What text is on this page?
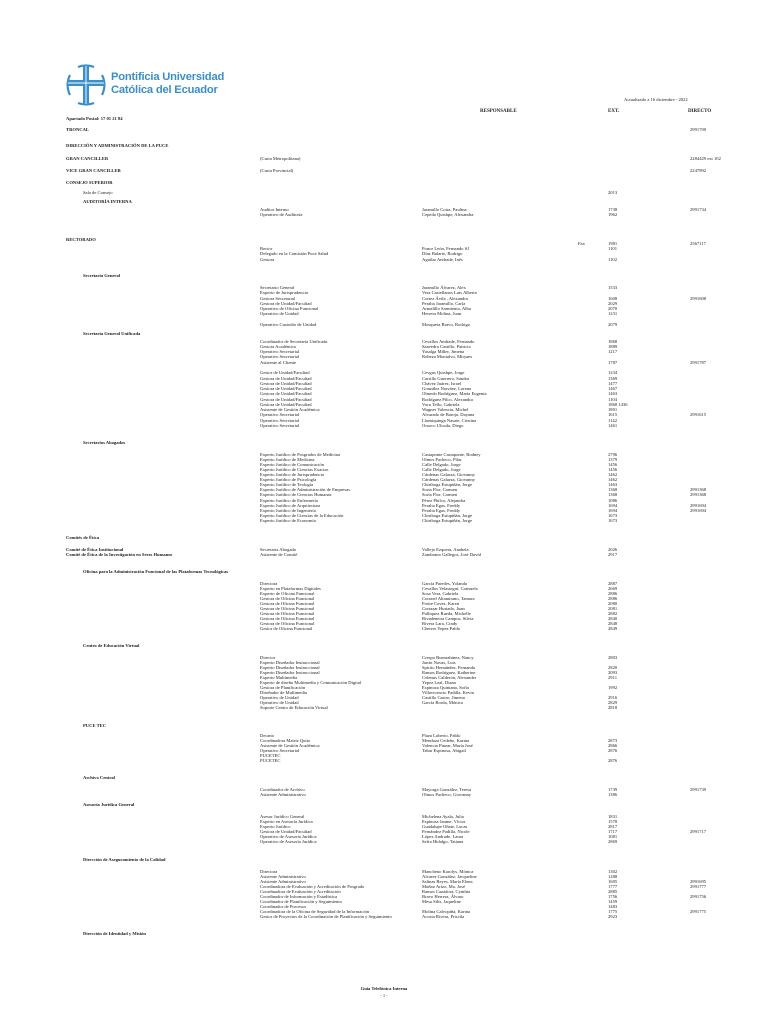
Pontificia Universidad
Católica del Ecuador
Actualizado a 16 diciembre - 2022
RESPONSABLE	EXT.	DIRECTO
Apartado Postal: 17 01 21 84
TRONCAL	2991700
DIRECCIÓN Y ADMINISTRACIÓN DE LA PUCE
GRAN CANCILLER	(Curia Metropolitana)	2284429 ext 102
VICE GRAN CANCILLER	(Curia Provincial)	2247892
CONSEJO SUPERIOR
Sala de Consejo	2013
AUDITORÍA INTERNA
Auditor Interno	Jaramillo Coira, Paulina	1738	2991734
Operativo de Auditoría	Cepeda Quishpe, Alexandra	1962
RECTORADO
Fax	1981	2567117
Rector	Ponce León, Fernando SJ	1101
Delegado en la Comisión Puce Salud	Díaz Balarte, Rodrigo
Gestora	Aguilar Andrade, Inés	1102
Secretaría General
Secretario General	Jaramillo Álvarez, Alex	1533
Experto de Jurisprudencia	Vera Castellanos Luis Alberto
Gestora Secretarial	Cortez Ávila , Alexandra	1608	2991608
Gestora de Unidad/Facultad	Peralta Jaramillo, Carla	2029
Operativo de Oficina Funcional	Armalillo Sarmiento, Alba	2070
Operativo de Unidad	Herrera Molina, Juan	1231
Operativo Custodio de Unidad	Mosquera Bravo, Rodrigo	2079
Secretaría General Unificada
Coordinador de Secretaría Unificada	Cevallos Andrade, Fernando	1868
Gestora Académica	Saavedra Castillo, Patricio	1889
Operativo Secretarial	Yasalga Miller, Jimena	1217
Operativo Secretarial	Robeza Montalvo, Miryam
Asistente al Cliente	1787	2991787
Gestor de Unidad/Facultad	Cevgus Quishpe, Jorge	1234
Gestora de Unidad/Facultad	Carrillo Guerrero, Sandra	1369
Gestora de Unidad/Facultad	Chávez Juárez, Israel	1477
Gestora de Unidad/Facultad	González Narváez, Lorena	1467
Gestora de Unidad/Facultad	Olmedo Rodríguez, María Eugenia	1463
Gestora de Unidad/Facultad	Rodríguez Pilco, Alexandra	1104
Gestora de Unidad/Facultad	Vaca Tello, Gabriela	1868 1436
Asistente de Gestión Académica	Wagner Valencia, Michel	1801
Operativo Secretarial	Alvarado de Baroja, Dayana	1615	2991615
Operativo Secretarial	Llumiquinga Nasate, Cristina	1142
Operativo Secretarial	Orozco Ulcuda, Diego	1461
Secretarios Abogados
Experto Jurídico de Posgrados de Medicina	Castaponte Castaponte, Rodney	2796
Experto Jurídico de Medicina	Olmos Pacheco, Pilar	1379
Experto Jurídico de Comunicación	Calle Delgado, Jorge	1456
Experto Jurídico de Ciencias Exactas	Calle Delgado, Jorge	1456
Experto Jurídico de Jurisprudencia	Cárdenas Galarza, Giovanny	1462
Experto Jurídico de Psicología	Cárdenas Galarza, Giovanny	1462
Experto Jurídico de Teología	Chiriboga Estupiñán, Jorge	1463
Experto Jurídico de Administración de Empresas	Soria Flor, Carmen	1368	2991368
Experto Jurídico de Ciencias Humanas	Soria Flor, Carmen	1368	2991368
Experto Jurídico de Enfermería	Pérez Philco, Alejandra	1086
Experto Jurídico de Arquitectura	Peralta Egas, Freddy	1694	2991694
Experto Jurídico de Ingeniería	Peralta Egas, Freddy	1694	2991694
Experto Jurídico de Ciencias de la Educación	Chiriboga Estupiñán, Jorge	1673
Experto Jurídico de Economía	Chiriboga Estupiñán, Jorge	1673
Comités de Ética
Comité de Ética Institucional	Secretaria Abogada	Vallejo Ezquera, Anabela	2026
Comité de Ética de la Investigación en Seres Humanos	Asistente de Comité	Zambrano Gallegos, José David	2917
Oficina para la Administración Funcional de las Plataformas Tecnológicas
Directora	García Paredes, Yolanda	2887
Experto en Plataformas Digitales	Cevallos Velasteguí, Consuelo	2669
Experto de Oficina Funcional	Sosa Vera, Gabriela	2886
Gestora de Oficina Funcional	Coronel Altamirano, Tamara	2886
Gestora de Oficina Funcional	Freire Cavez, Karen	2080
Gestora de Oficina Funcional	Cortazar Hurtado, Juan	2081
Gestora de Oficina Funcional	Pulliquez Rueda, Michelle	2882
Gestora de Oficina Funcional	Rivadeneira Campos, Silvia	2840
Gestora de Oficina Funcional	Rivera Lara, Cindy	2848
Gestor de Oficina Funcional	Cherres Yepez Pablo	2849
Centro de Educación Virtual
Director	Crespo Buenrahinez, Nancy	2803
Experto Diseñador Instruccional	Jarrín Navas, Luis
Experto Diseñador Instruccional	Spirito Hernández, Fernanda	2820
Experto Diseñador Instruccional	Ramos Rodríguez, Katherine	2093
Experto Multimedia	Celemis Calderón, Alexander	2911
Experto de diseño Multimedia y Comunicación Digital	Yepez Leal, Diana
Gestora de Planificación	Espinoza Quintana, Sofía	1992
Diseñador de Multimedia	Villavicencio Padilla, Kevin
Operativo de Unidad	Castillo Castro, Jimena	2916
Operativo de Unidad	García Borda, Mónica	2829
Soporte Centro de Educación Virtual	2818
PUCE TEC
Decano	Plaza Loberto, Pablo
Coordinadora Matriz Quito	Mendoza Cedeño, Karina	2873
Asistente de Gestión Académica	Valencia Pinzar, María José	2866
Operativo Secretarial	Tabar Espinosa, Abigail	2876
PUCETEC
PUCETEC	2876
Archivo Central
Coordinador de Archivo	Mayorga González, Teresa	1739	2991739
Asistente Administrativo	Olmos Pacheco, Giovanny	1386
Asesoría Jurídica General
Asesor Jurídico General	Michelena Ayala, Julio	1831
Experto en Asesoría Jurídica	Espinosa Jaume, Víctor	1578
Experto Jurídico	Guadalupe Oñate, Lucas	2817
Gestora de Unidad/Facultad	Fernández Padilla, Nicole	1717	2991717
Operativo de Asesoría Jurídica	López Andrade, Laura	1081
Operativo de Asesoría Jurídica	Sefra Hidalgo, Tatiana	2869
Dirección de Aseguramiento de la Calidad
Directora	Mancheno Karolys, Mónica	1302
Asistente Administrativo	Alvarez González, Jacqueline	1288
Asistente Administrativo	Salinas Reyes, María Elena	1695	2991695
Coordinadora de Evaluación y Acreditación de Posgrado	Muñoz Arízo, Ma. José	1777	2991777
Coordinadora de Evaluación y Acreditación	Ramos Cazadora, Cynthia	2885
Coordinador de Información y Estadística	Bravo Herrera, Álvaro	1756	2991756
Coordinador de Planificación y Seguimiento	Mesa Silis, Jaqueline	1459
Coordinador de Procesos	1483
Coordinadora de la Oficina de Seguridad de la Información	Molina Calvopiña, Karina	1775	2991775
Gestor de Proyectos de la Coordinación de Planificación y Seguimiento	Acosta Rivera, Priscila	2923
Dirección de Identidad y Misión
Guía Telefónica Interna
- 1 -
